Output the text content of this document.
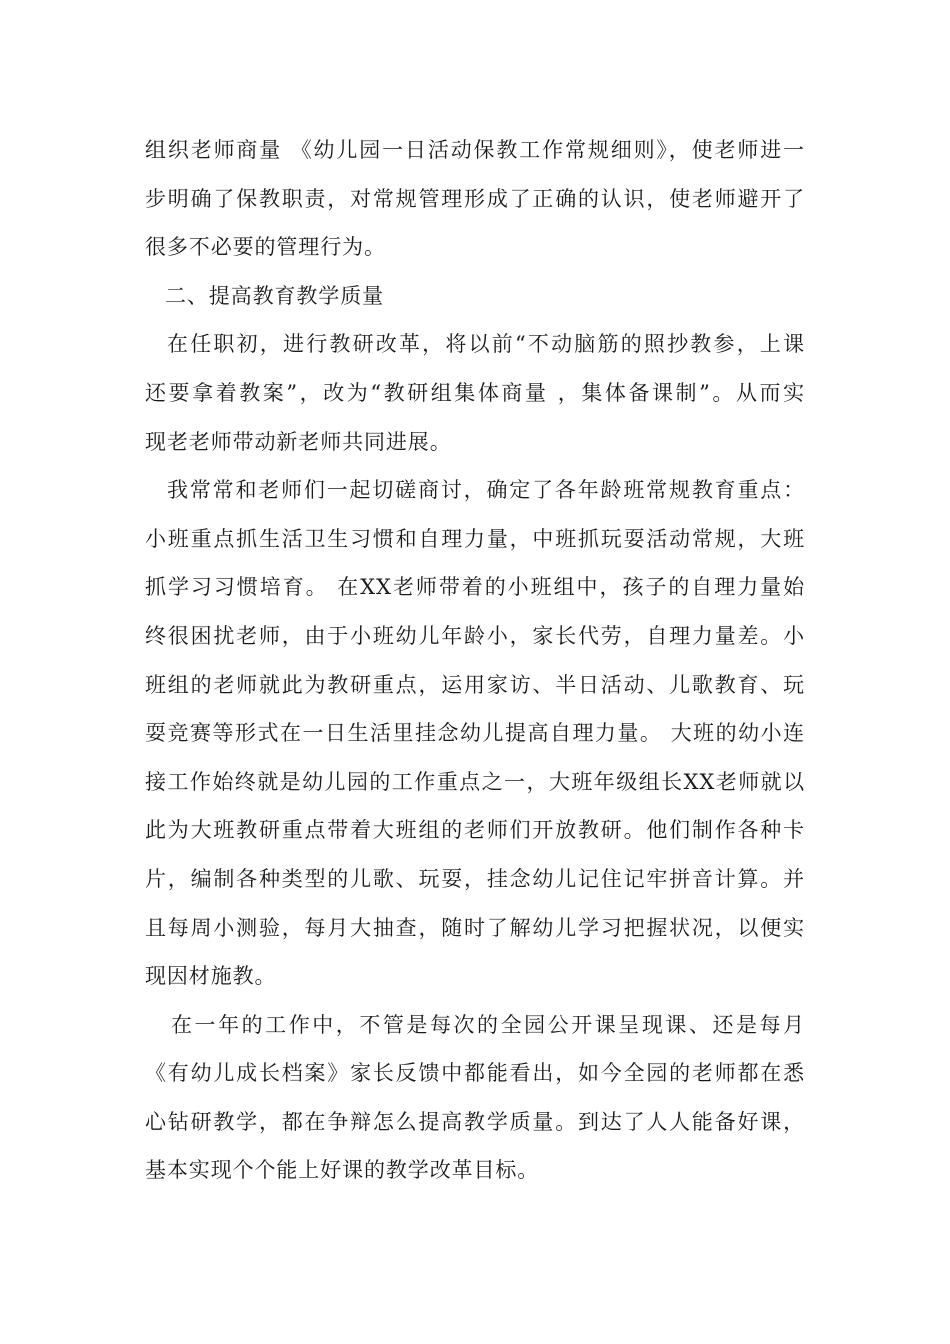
组织老师商量 《幼儿园一日活动保教工作常规细则》，使老师进一
步明确了保教职责，对常规管理形成了正确的认识，使老师避开了
很多不必要的管理行为。
二、提高教育教学质量
在任职初，进行教研改革，将以前“不动脑筋的照抄教参，上课
还要拿着教案”，改为“教研组集体商量 ，集体备课制”。从而实
现老老师带动新老师共同进展。
我常常和老师们一起切磋商讨，确定了各年龄班常规教育重点：
小班重点抓生活卫生习惯和自理力量，中班抓玩耍活动常规，大班
抓学习习惯培育。 在XX老师带着的小班组中，孩子的自理力量始
终很困扰老师，由于小班幼儿年龄小，家长代劳，自理力量差。小
班组的老师就此为教研重点，运用家访、半日活动、儿歌教育、玩
耍竞赛等形式在一日生活里挂念幼儿提高自理力量。 大班的幼小连
接工作始终就是幼儿园的工作重点之一，大班年级组长XX老师就以
此为大班教研重点带着大班组的老师们开放教研。他们制作各种卡
片，编制各种类型的儿歌、玩耍，挂念幼儿记住记牢拼音计算。并
且每周小测验，每月大抽查，随时了解幼儿学习把握状况，以便实
现因材施教。
在一年的工作中，不管是每次的全园公开课呈现课、还是每月
《有幼儿成长档案》家长反馈中都能看出，如今全园的老师都在悉
心钻研教学，都在争辩怎么提高教学质量。到达了人人能备好课，
基本实现个个能上好课的教学改革目标。
